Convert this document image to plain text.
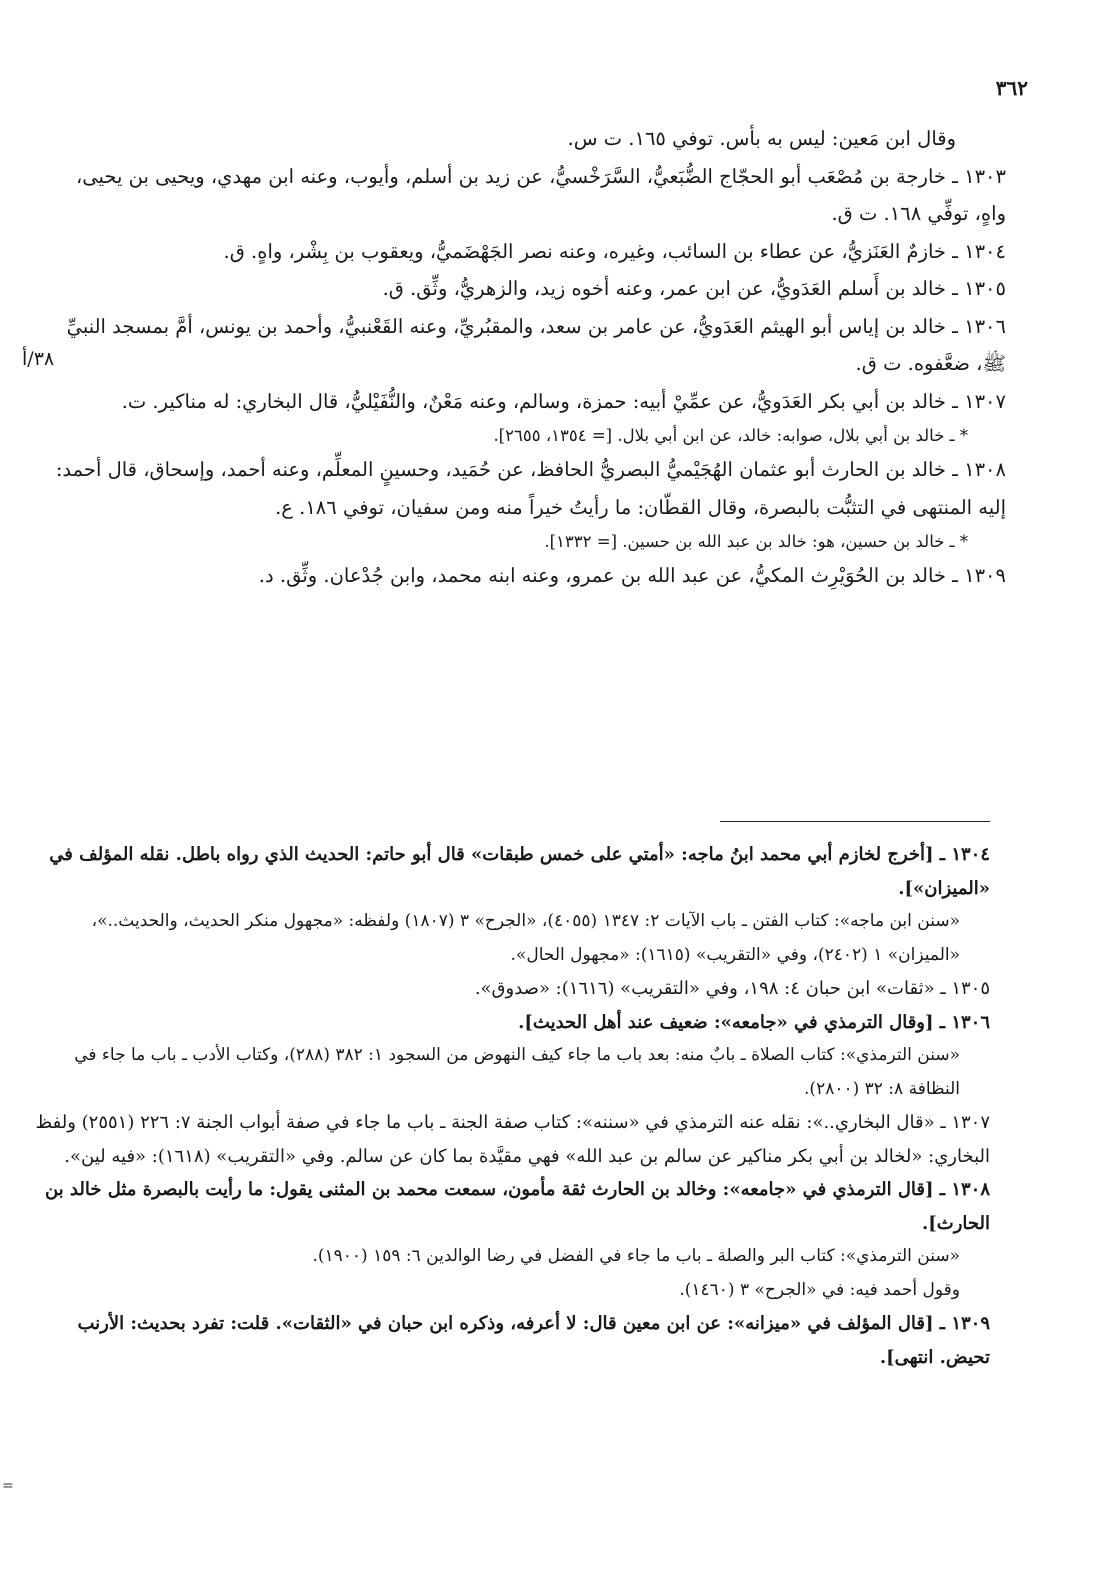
٣٦٢
٣٨/أ

وقال ابن مَعين: ليس به بأس. توفي ١٦٥. ت س.

١٣٠٣ ـ خارجة بن مُصْعَب أبو الحجّاج الضُّبَعيُّ، السَّرَخْسيُّ، عن زيد بن أسلم، وأيوب، وعنه ابن مهدي، ويحيى بن يحيى، واهٍ، توفِّي ١٦٨. ت ق.

١٣٠٤ ـ خازمٌ العَنَزيُّ، عن عطاء بن السائب، وغيره، وعنه نصر الجَهْضَميُّ، ويعقوب بن بِشْر، واهٍ. ق.

١٣٠٥ ـ خالد بن أَسلم العَدَويُّ، عن ابن عمر، وعنه أخوه زيد، والزهريُّ، وثِّق. ق.

١٣٠٦ ـ خالد بن إياس أبو الهيثم العَدَويُّ، عن عامر بن سعد، والمقبُريِّ، وعنه القَعْنبيُّ، وأحمد بن يونس، أمَّ بمسجد النبيِّ ﷺ، ضعَّفوه. ت ق.

١٣٠٧ ـ خالد بن أبي بكر العَدَويُّ، عن عمِّيْ أبيه: حمزة، وسالم، وعنه مَعْنٌ، والنُّفَيْليُّ، قال البخاري: له مناكير. ت.

* ـ خالد بن أبي بلال، صوابه: خالد، عن ابن أبي بلال. [= ١٣٥٤، ٢٦٥٥].

١٣٠٨ ـ خالد بن الحارث أبو عثمان الهُجَيْميُّ البصريُّ الحافظ، عن حُمَيد، وحسينٍ المعلِّم، وعنه أحمد، وإسحاق، قال أحمد: إليه المنتهى في التثبُّت بالبصرة، وقال القطّان: ما رأيتُ خيراً منه ومن سفيان، توفي ١٨٦. ع.

* ـ خالد بن حسين، هو: خالد بن عبد الله بن حسين. [= ١٣٣٢].

١٣٠٩ ـ خالد بن الحُوَيْرِث المكيُّ، عن عبد الله بن عمرو، وعنه ابنه محمد، وابن جُدْعان. وثِّق. د.

١٣٠٤ ـ [أخرج لخازم أبي محمد ابنُ ماجه: «أمتي على خمس طبقات» قال أبو حاتم: الحديث الذي رواه باطل. نقله المؤلف في «الميزان»].

«سنن ابن ماجه»: كتاب الفتن ـ باب الآيات ٢: ١٣٤٧ (٤٠٥٥)، «الجرح» ٣ (١٨٠٧) ولفظه: «مجهول منكر الحديث، والحديث..»، «الميزان» ١ (٢٤٠٢)، وفي «التقريب» (١٦١٥): «مجهول الحال».

١٣٠٥ ـ «ثقات» ابن حبان ٤: ١٩٨، وفي «التقريب» (١٦١٦): «صدوق».

١٣٠٦ ـ [وقال الترمذي في «جامعه»: ضعيف عند أهل الحديث].

«سنن الترمذي»: كتاب الصلاة ـ بابٌ منه: بعد باب ما جاء كيف النهوض من السجود ١: ٣٨٢ (٢٨٨)، وكتاب الأدب ـ باب ما جاء في النظافة ٨: ٣٢ (٢٨٠٠).

١٣٠٧ ـ «قال البخاري..»: نقله عنه الترمذي في «سننه»: كتاب صفة الجنة ـ باب ما جاء في صفة أبواب الجنة ٧: ٢٢٦ (٢٥٥١) ولفظ البخاري: «لخالد بن أبي بكر مناكير عن سالم بن عبد الله» فهي مقيَّدة بما كان عن سالم. وفي «التقريب» (١٦١٨): «فيه لين».

١٣٠٨ ـ [قال الترمذي في «جامعه»: وخالد بن الحارث ثقة مأمون، سمعت محمد بن المثنى يقول: ما رأيت بالبصرة مثل خالد بن الحارث].

«سنن الترمذي»: كتاب البر والصلة ـ باب ما جاء في الفضل في رضا الوالدين ٦: ١٥٩ (١٩٠٠).

وقول أحمد فيه: في «الجرح» ٣ (١٤٦٠).

١٣٠٩ ـ [قال المؤلف في «ميزانه»: عن ابن معين قال: لا أعرفه، وذكره ابن حبان في «الثقات». قلت: تفرد بحديث: الأرنب تحيض. انتهى].

=
